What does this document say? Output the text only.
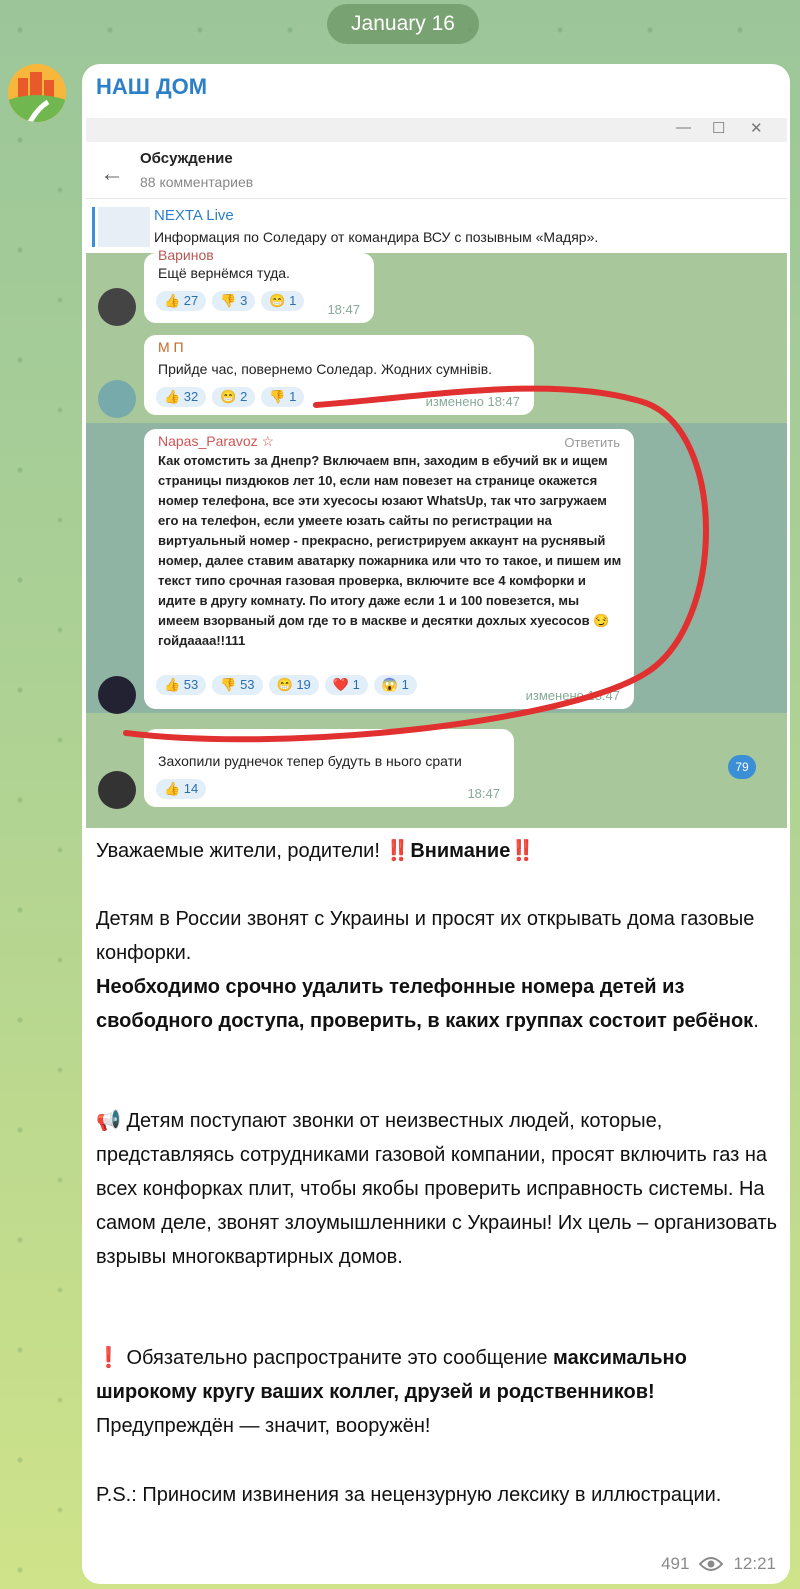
January 16
НАШ ДОМ
— ☐ ✕
←
Обсуждение
88 комментариев
NEXTA Live
Информация по Соледару от командира ВСУ с позывным «Мадяр».
Варинов
Ещё вернёмся туда.
👍 27	👎 3	😁 1
18:47
М П
Прийде час, повернемо Соледар. Жодних сумнівів.
👍 32	😁 2	👎 1	изменено 18:47
Napas_Paravoz ☆	Ответить
Как отомстить за Днепр? Включаем впн, заходим в ебучий вк и ищем страницы пиздюков лет 10, если нам повезет на странице окажется номер телефона, все эти хуесосы юзают WhatsUp, так что загружаем его на телефон, если умеете юзать сайты по регистрации на виртуальный номер - прекрасно, регистрируем аккаунт на руснявый номер, далее ставим аватарку пожарника или что то такое, и пишем им текст типо срочная газовая проверка, включите все 4 комфорки и идите в другу комнату. По итогу даже если 1 и 100 повезется, мы имеем взорваный дом где то в маскве и десятки дохлых хуесосов 😏 гойдаааа!!111
👍 53	👎 53	😁 19	❤️ 1	😱 1
изменено 18:47
Захопили руднечок тепер будуть в нього срати
👍 14	18:47
79
Уважаемые жители, родители! ‼️Внимание‼️
Детям в России звонят с Украины и просят их открывать дома газовые конфорки.
Необходимо срочно удалить телефонные номера детей из свободного доступа, проверить, в каких группах состоит ребёнок.
📢 Детям поступают звонки от неизвестных людей, которые, представляясь сотрудниками газовой компании, просят включить газ на всех конфорках плит, чтобы якобы проверить исправность системы. На самом деле, звонят злоумышленники с Украины! Их цель – организовать взрывы многоквартирных домов.
❗ Обязательно распространите это сообщение максимально широкому кругу ваших коллег, друзей и родственников!
Предупреждён — значит, вооружён!
P.S.: Приносим извинения за нецензурную лексику в иллюстрации.
491	12:21
